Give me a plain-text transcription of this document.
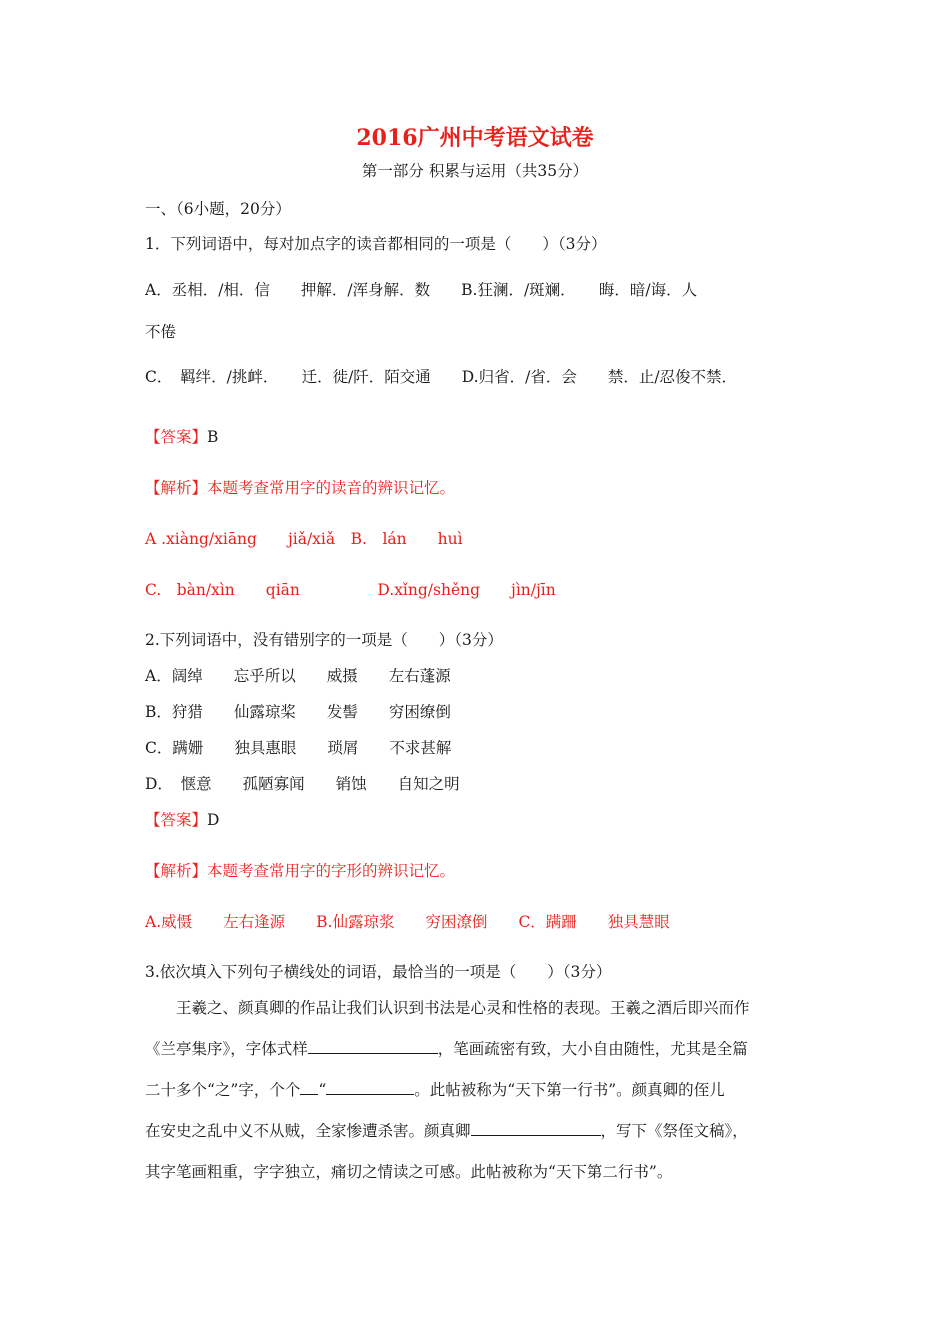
2016广州中考语文试卷
第一部分 积累与运用（共35分）
一、（6小题，20分）
1．下列词语中，每对加点字的读音都相同的一项是（　　）（3分）
A．丞相．/相．信　　押解．/浑身解．数　　B.狂澜．/斑斓．　　晦．暗/诲．人
不倦
C．　羁绊．/挑衅．　　迁．徙/阡．陌交通　　D.归省．/省．会　　禁．止/忍俊不禁．
【答案】B
【解析】本题考查常用字的读音的辨识记忆。
A .xiàng/xiāng　　jiǎ/xiǎ　B.　lán　　huì
C.　bàn/xìn　　qiān　　　　　D.xǐng/shěng　　jìn/jīn
2.下列词语中，没有错别字的一项是（　　）（3分）
A．阔绰　　忘乎所以　　威摄　　左右蓬源
B．狩猎　　仙露琼桨　　发髻　　穷困缭倒
C．蹒姗　　独具惠眼　　琐屑　　不求甚解
D．　惬意　　孤陋寡闻　　销蚀　　自知之明
【答案】D
【解析】本题考查常用字的字形的辨识记忆。
A.威慑　　左右逢源　　B.仙露琼浆　　穷困潦倒　　C．蹒跚　　独具慧眼
3.依次填入下列句子横线处的词语，最恰当的一项是（　　）（3分）
　　王羲之、颜真卿的作品让我们认识到书法是心灵和性格的表现。王羲之酒后即兴而作
《兰亭集序》，字体式样	，笔画疏密有致，大小自由随性，尤其是全篇
二十多个“之”字，个个 “	。此帖被称为“天下第一行书”。颜真卿的侄儿
在安史之乱中义不从贼，全家惨遭杀害。颜真卿	，写下《祭侄文稿》，
其字笔画粗重，字字独立，痛切之情读之可感。此帖被称为“天下第二行书”。
